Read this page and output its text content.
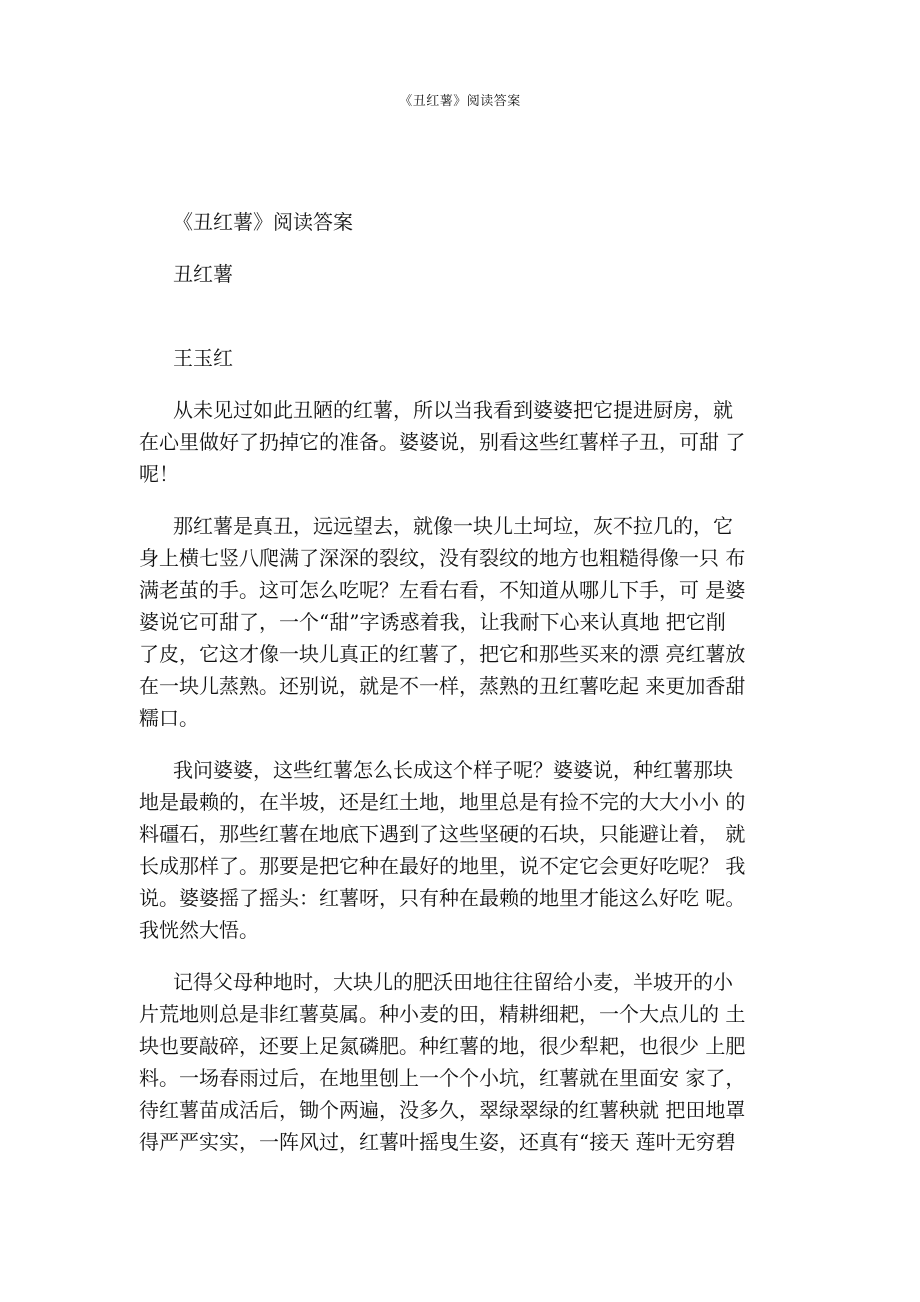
《丑红薯》阅读答案
《丑红薯》阅读答案
丑红薯
王玉红
从未见过如此丑陋的红薯，所以当我看到婆婆把它提进厨房，就
在心里做好了扔掉它的准备。婆婆说，别看这些红薯样子丑，可甜 了
呢！
那红薯是真丑，远远望去，就像一块儿土坷垃，灰不拉几的，它
身上横七竖八爬满了深深的裂纹，没有裂纹的地方也粗糙得像一只 布
满老茧的手。这可怎么吃呢？左看右看，不知道从哪儿下手，可 是婆
婆说它可甜了，一个“甜”字诱惑着我，让我耐下心来认真地 把它削
了皮，它这才像一块儿真正的红薯了，把它和那些买来的漂 亮红薯放
在一块儿蒸熟。还别说，就是不一样，蒸熟的丑红薯吃起 来更加香甜
糯口。
我问婆婆，这些红薯怎么长成这个样子呢？婆婆说，种红薯那块
地是最赖的，在半坡，还是红土地，地里总是有捡不完的大大小小 的
料礓石，那些红薯在地底下遇到了这些坚硬的石块，只能避让着， 就
长成那样了。那要是把它种在最好的地里，说不定它会更好吃呢？ 我
说。婆婆摇了摇头：红薯呀，只有种在最赖的地里才能这么好吃 呢。
我恍然大悟。
记得父母种地时，大块儿的肥沃田地往往留给小麦，半坡开的小
片荒地则总是非红薯莫属。种小麦的田，精耕细耙，一个大点儿的 土
块也要敲碎，还要上足氮磷肥。种红薯的地，很少犁耙，也很少 上肥
料。一场春雨过后，在地里刨上一个个小坑，红薯就在里面安 家了，
待红薯苗成活后，锄个两遍，没多久，翠绿翠绿的红薯秧就 把田地罩
得严严实实，一阵风过，红薯叶摇曳生姿，还真有“接天 莲叶无穷碧
